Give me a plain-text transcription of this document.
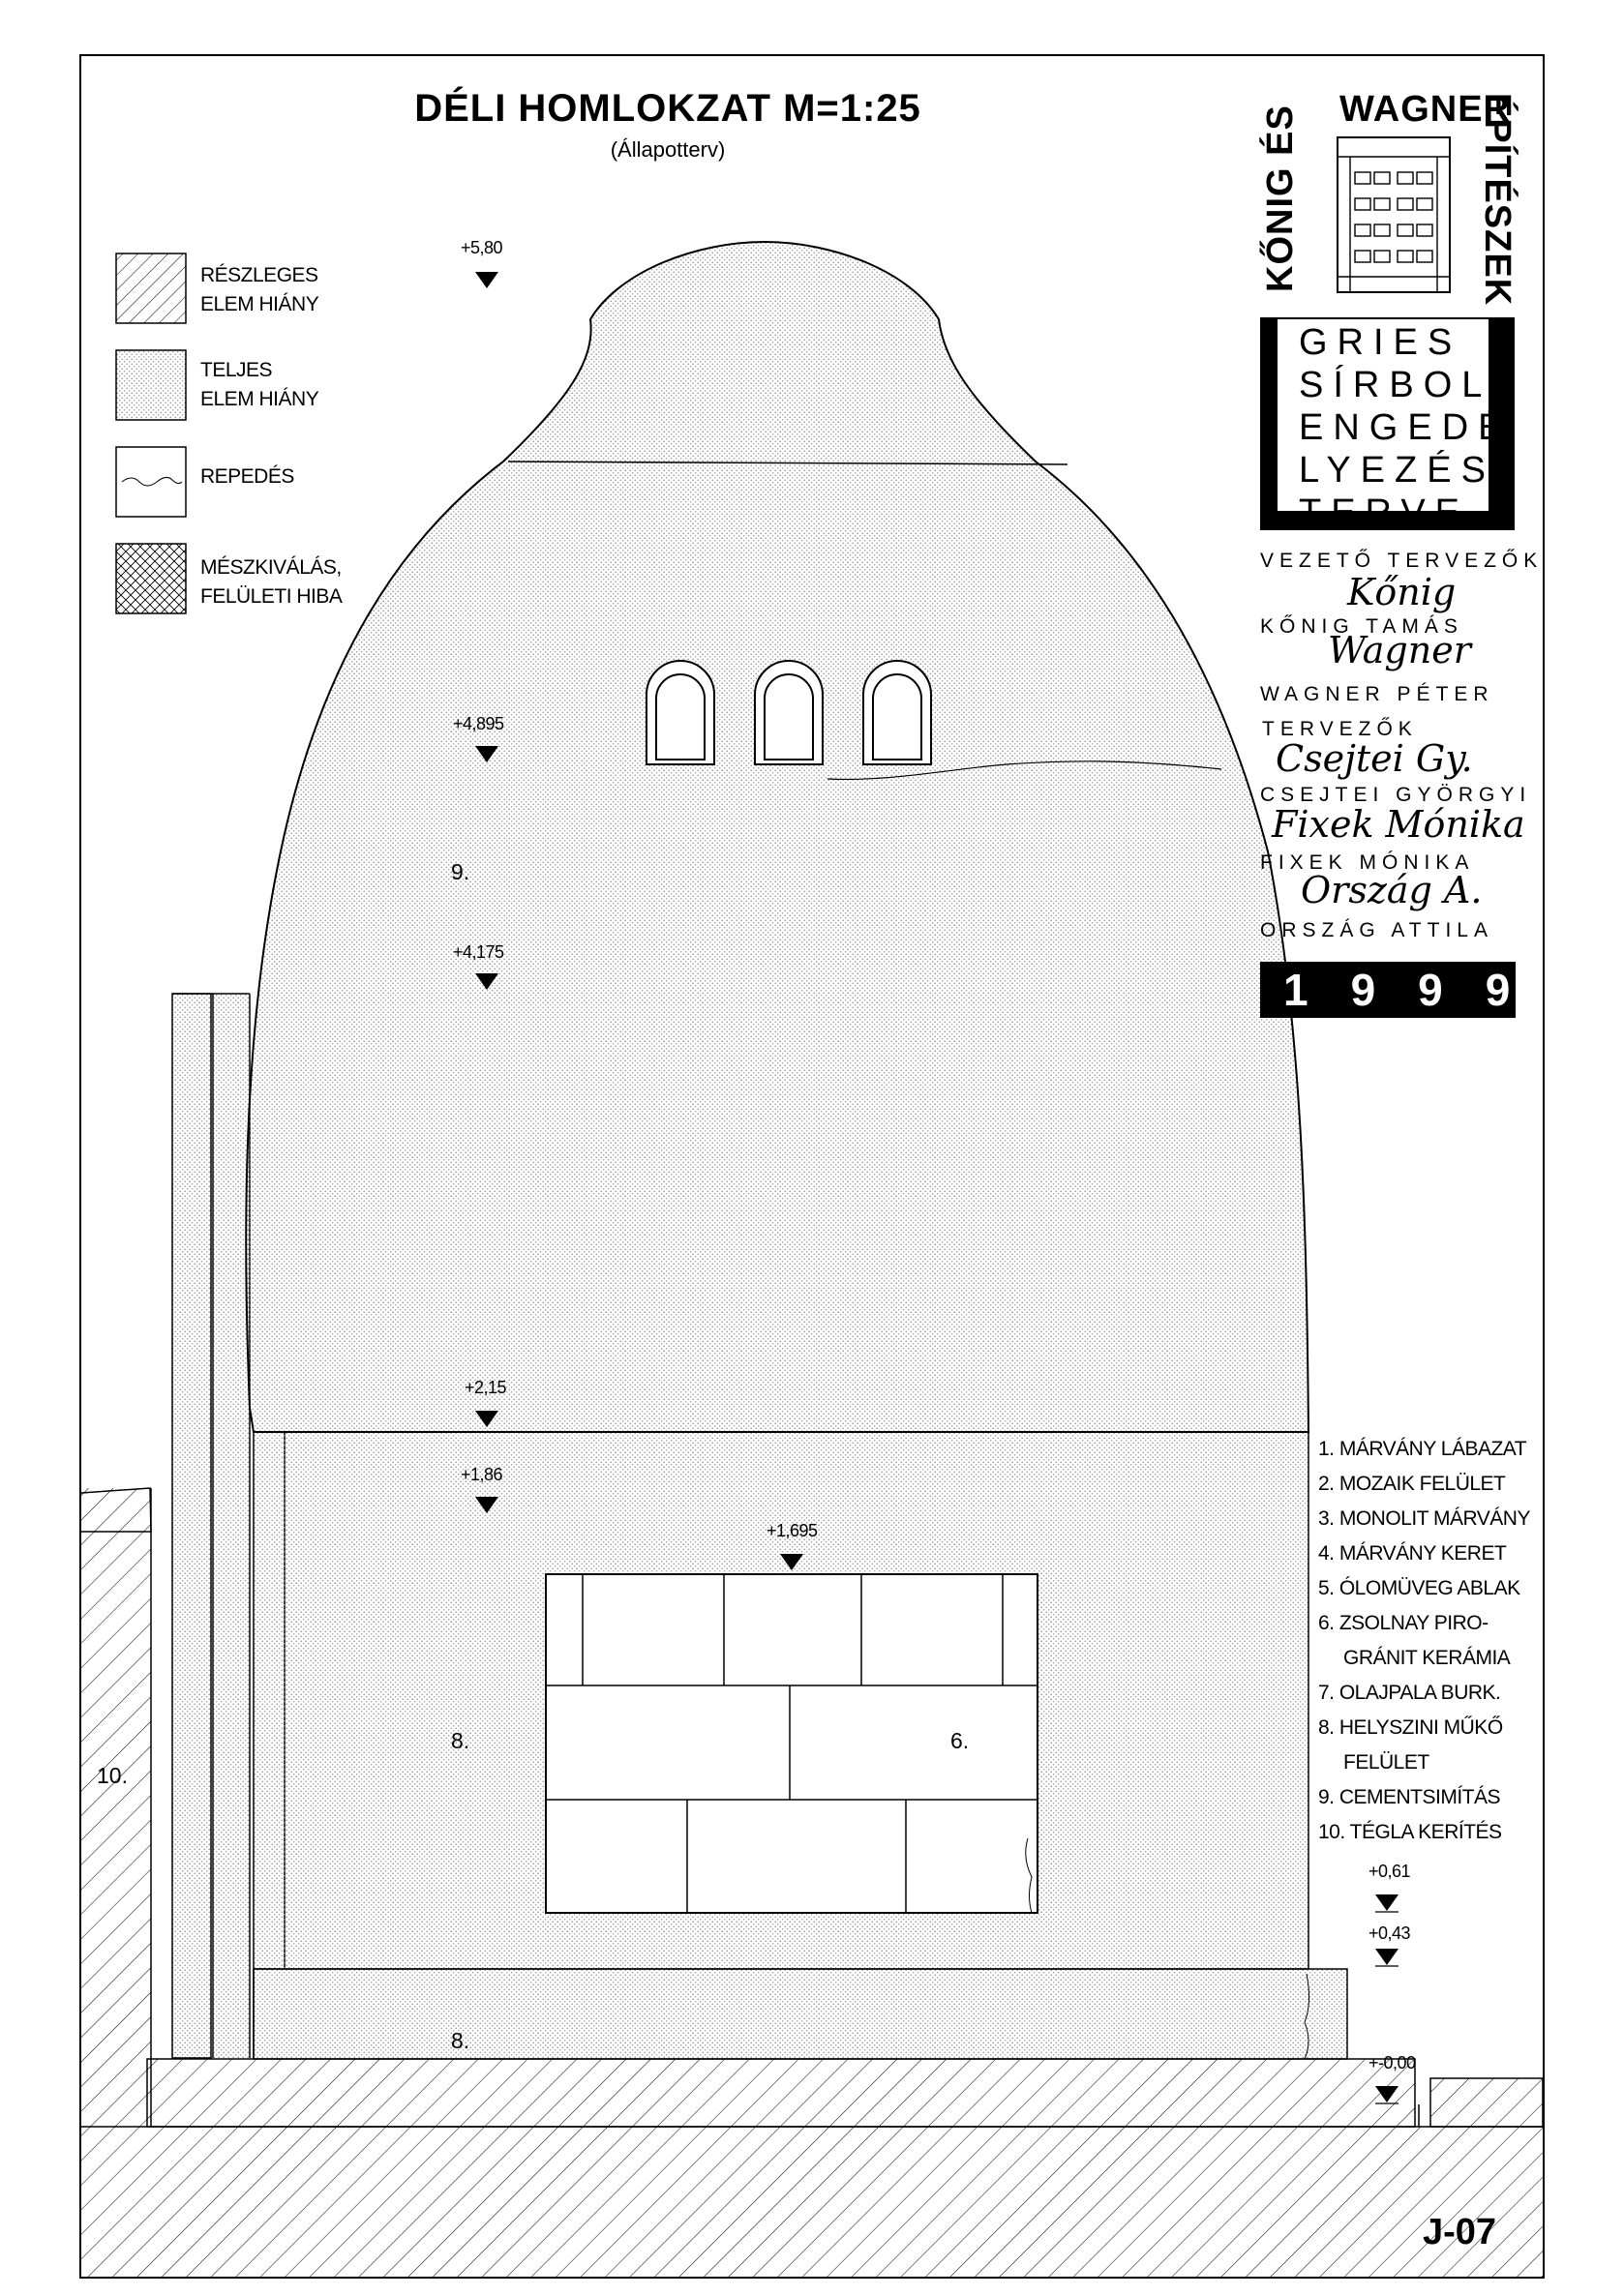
DÉLI HOMLOKZAT M=1:25
(Állapotterv)
RÉSZLEGES
ELEM HIÁNY
TELJES
ELEM HIÁNY
REPEDÉS
MÉSZKIVÁLÁS,
FELÜLETI HIBA
+5,80
+4,895
+4,175
+2,15
+1,86
+1,695
+0,61
+0,43
+-0,00
9.
8.
8.
6.
10.
1. MÁRVÁNY LÁBAZAT
2. MOZAIK FELÜLET
3. MONOLIT MÁRVÁNY
4. MÁRVÁNY KERET
5. ÓLOMÜVEG ABLAK
6. ZSOLNAY PIRO-
GRÁNIT KERÁMIA
7. OLAJPALA BURK.
8. HELYSZINI MŰKŐ
FELÜLET
9. CEMENTSIMÍTÁS
10. TÉGLA KERÍTÉS
KŐNIG ÉS WAGNER
ÉPÍTÉSZEK
GRIES
SÍRBOLT
ENGEDÉ
LYEZÉSI
TERVE
VEZETŐ TERVEZŐK
Kőnig
KŐNIG TAMÁS
Wagner
WAGNER PÉTER
TERVEZŐK
Csejtei Gy.
CSEJTEI GYÖRGYI
Fixek Mónika
FIXEK MÓNIKA
Ország A.
ORSZÁG ATTILA
1999
J-07
